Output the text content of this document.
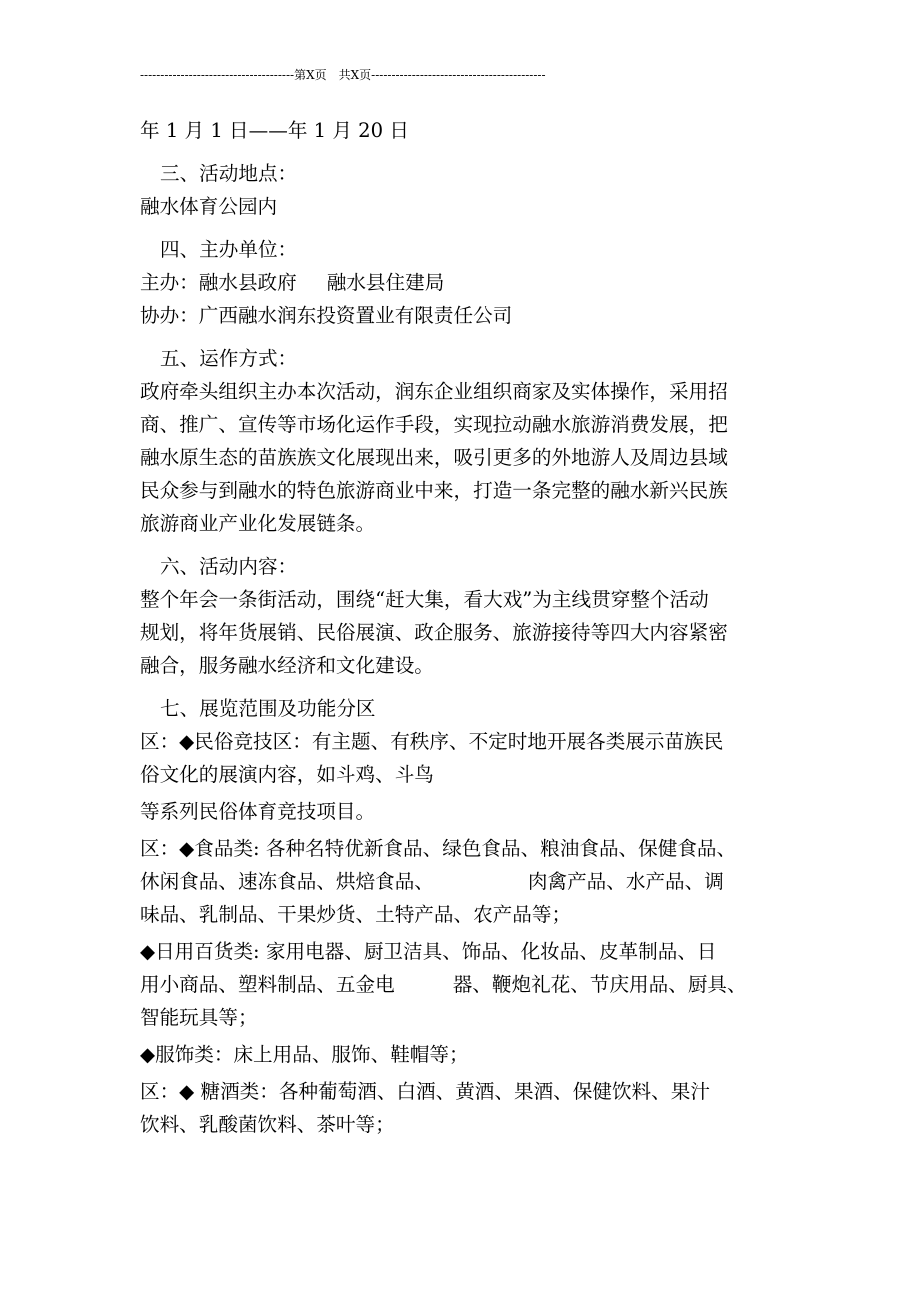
--------------------------------------第X页　共X页-------------------------------------------
年 1 月 1 日——年 1 月 20 日
三、活动地点：
融水体育公园内
四、主办单位：
主办：融水县政府 融水县住建局
协办：广西融水润东投资置业有限责任公司
五、运作方式：
政府牵头组织主办本次活动，润东企业组织商家及实体操作，采用招
商、推广、宣传等市场化运作手段，实现拉动融水旅游消费发展，把
融水原生态的苗族族文化展现出来，吸引更多的外地游人及周边县域
民众参与到融水的特色旅游商业中来，打造一条完整的融水新兴民族
旅游商业产业化发展链条。
六、活动内容：
整个年会一条街活动，围绕“赶大集，看大戏”为主线贯穿整个活动
规划，将年货展销、民俗展演、政企服务、旅游接待等四大内容紧密
融合，服务融水经济和文化建设。
七、展览范围及功能分区
区：◆民俗竞技区：有主题、有秩序、不定时地开展各类展示苗族民
俗文化的展演内容，如斗鸡、斗鸟
等系列民俗体育竞技项目。
区：◆食品类: 各种名特优新食品、绿色食品、粮油食品、保健食品、
休闲食品、速冻食品、烘焙食品、	肉禽产品、水产品、调
味品、乳制品、干果炒货、土特产品、农产品等；
◆日用百货类: 家用电器、厨卫洁具、饰品、化妆品、皮革制品、日
用小商品、塑料制品、五金电	器、鞭炮礼花、节庆用品、厨具、
智能玩具等；
◆服饰类：床上用品、服饰、鞋帽等；
区：◆ 糖酒类：各种葡萄酒、白酒、黄酒、果酒、保健饮料、果汁
饮料、乳酸菌饮料、茶叶等；
